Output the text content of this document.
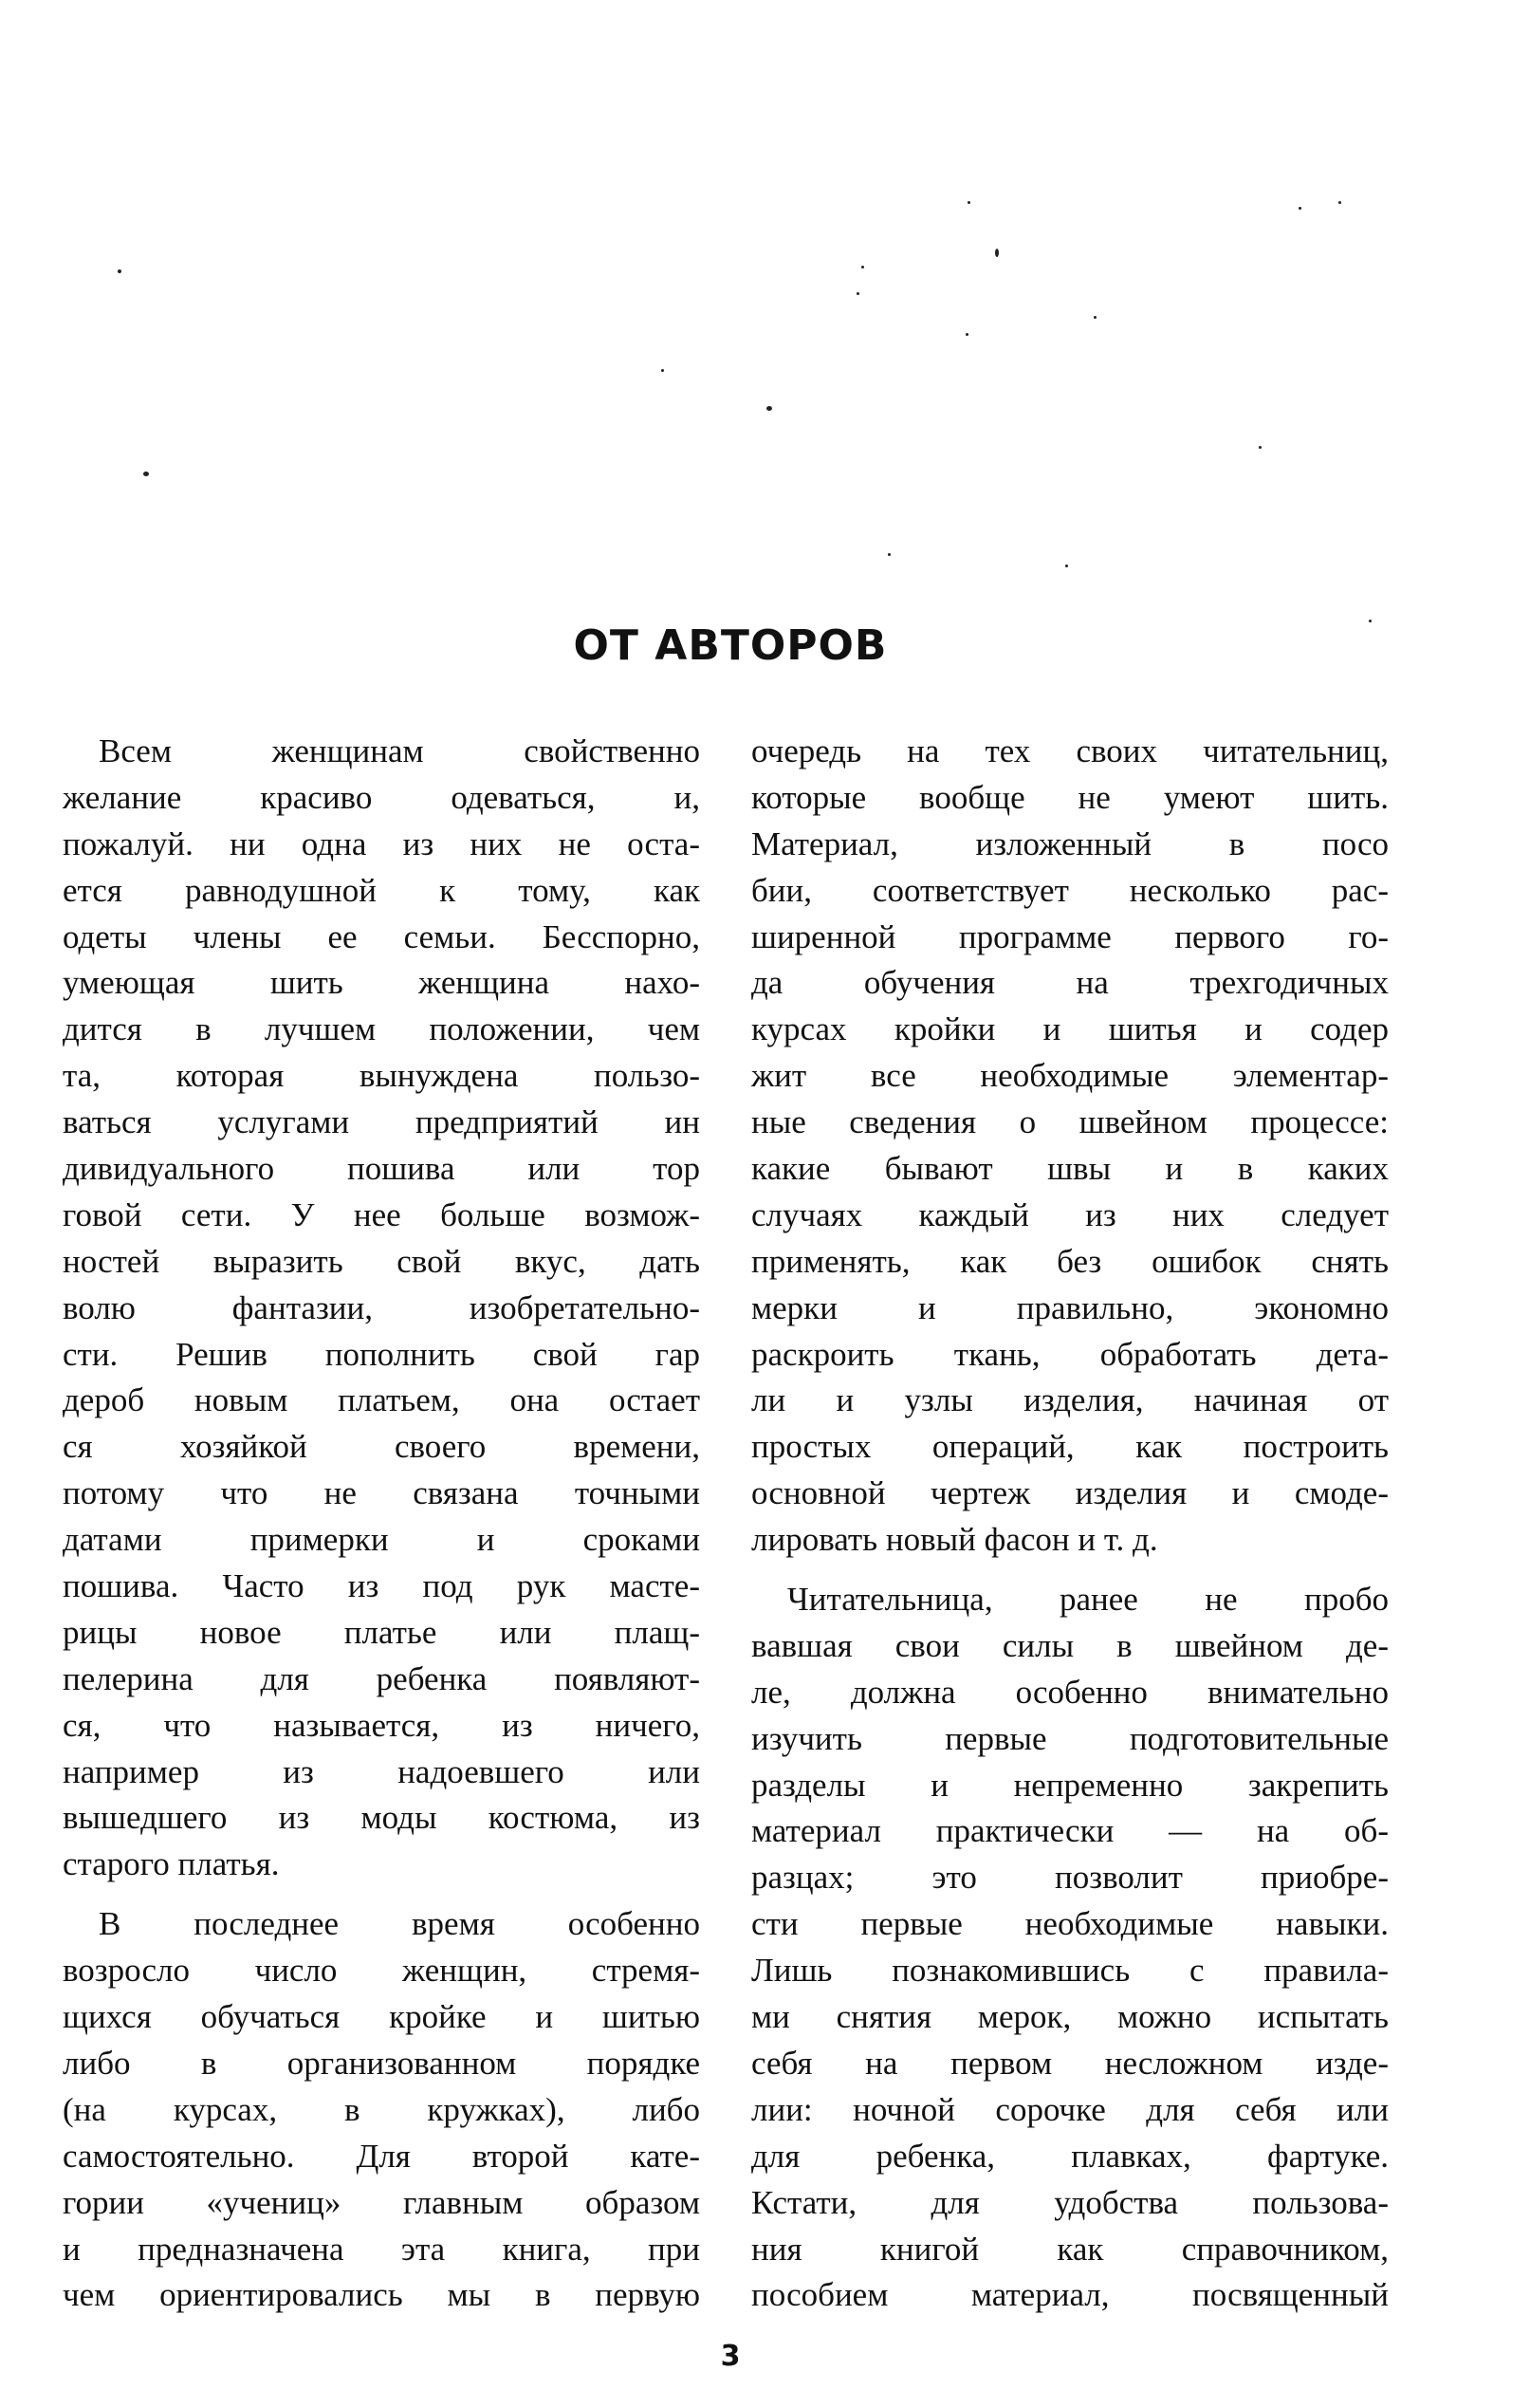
ОТ АВТОРОВ
Всем женщинам свойственно
желание красиво одеваться, и,
пожалуй. ни одна из них не оста-
ется равнодушной к тому, как
одеты члены ее семьи. Бесспорно,
умеющая шить женщина нахо-
дится в лучшем положении, чем
та, которая вынуждена пользо-
ваться услугами предприятий ин
дивидуального пошива или тор
говой сети. У нее больше возмож-
ностей выразить свой вкус, дать
волю фантазии, изобретательно-
сти. Решив пополнить свой гар
дероб новым платьем, она остает
ся хозяйкой своего времени,
потому что не связана точными
датами примерки и сроками
пошива. Часто из под рук масте-
рицы новое платье или плащ-
пелерина для ребенка появляют-
ся, что называется, из ничего,
например из надоевшего или
вышедшего из моды костюма, из
старого платья.
В последнее время особенно
возросло число женщин, стремя-
щихся обучаться кройке и шитью
либо в организованном порядке
(на курсах, в кружках), либо
самостоятельно. Для второй кате-
гории «учениц» главным образом
и предназначена эта книга, при
чем ориентировались мы в первую
очередь на тех своих читательниц,
которые вообще не умеют шить.
Материал, изложенный в посо
бии, соответствует несколько рас-
ширенной программе первого го-
да обучения на трехгодичных
курсах кройки и шитья и содер
жит все необходимые элементар-
ные сведения о швейном процессе:
какие бывают швы и в каких
случаях каждый из них следует
применять, как без ошибок снять
мерки и правильно, экономно
раскроить ткань, обработать дета-
ли и узлы изделия, начиная от
простых операций, как построить
основной чертеж изделия и смоде-
лировать новый фасон и т. д.
Читательница, ранее не пробо
вавшая свои силы в швейном де-
ле, должна особенно внимательно
изучить первые подготовительные
разделы и непременно закрепить
материал практически — на об-
разцах; это позволит приобре-
сти первые необходимые навыки.
Лишь познакомившись с правила-
ми снятия мерок, можно испытать
себя на первом несложном изде-
лии: ночной сорочке для себя или
для ребенка, плавках, фартуке.
Кстати, для удобства пользова-
ния книгой как справочником,
пособием материал, посвященный
3
